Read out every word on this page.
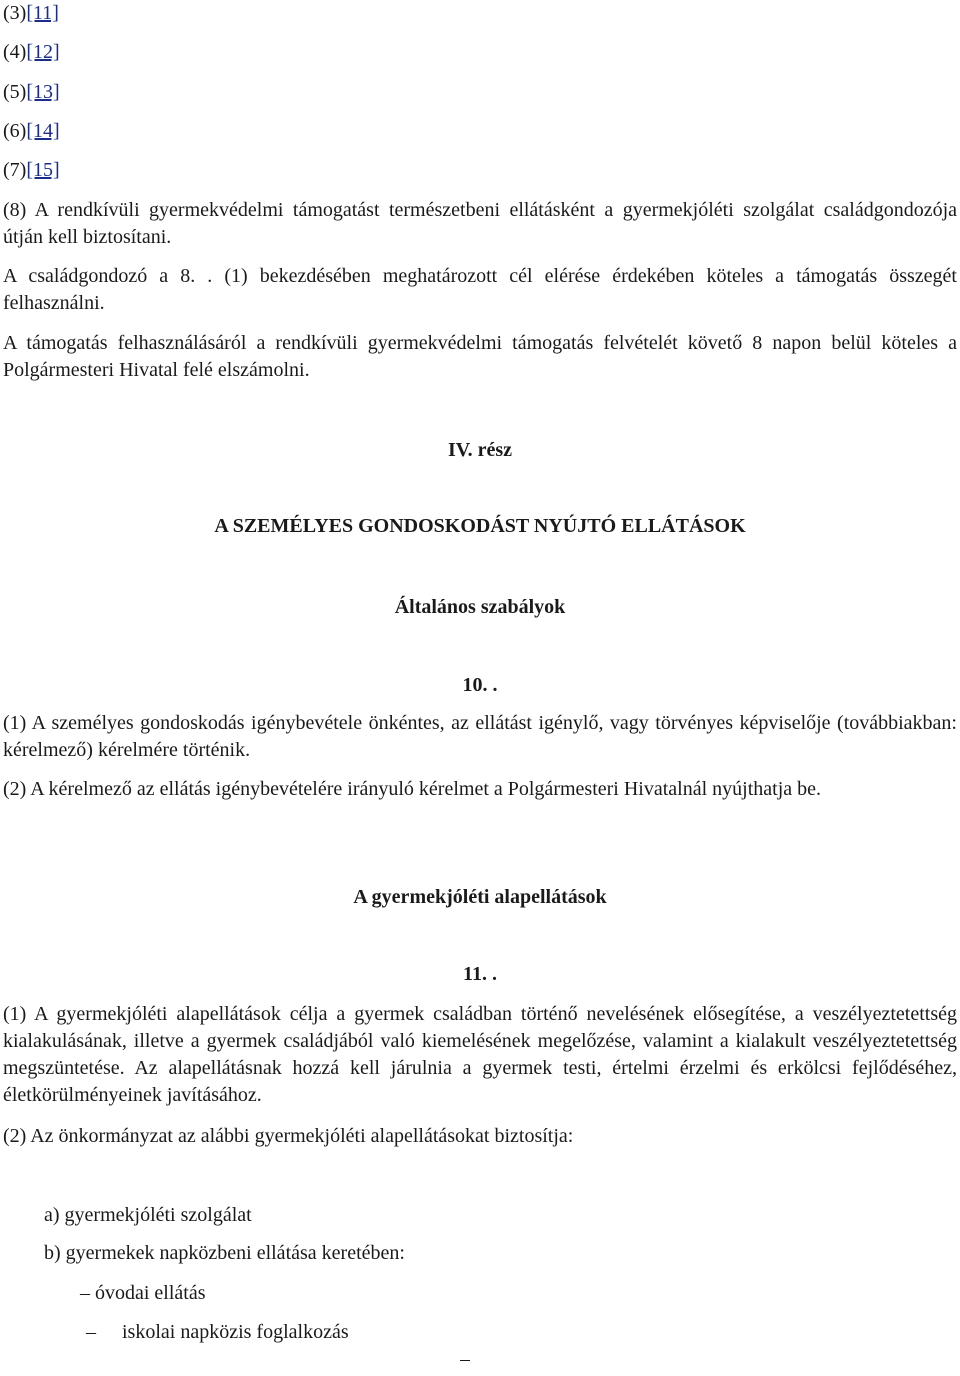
(3)[11]
(4)[12]
(5)[13]
(6)[14]
(7)[15]
(8) A rendkívüli gyermekvédelmi támogatást természetbeni ellátásként a gyermekjóléti szolgálat családgondozója útján kell biztosítani.
A családgondozó a 8. . (1) bekezdésében meghatározott cél elérése érdekében köteles a támogatás összegét felhasználni.
A támogatás felhasználásáról a rendkívüli gyermekvédelmi támogatás felvételét követő 8 napon belül köteles a Polgármesteri Hivatal felé elszámolni.
IV. rész
A SZEMÉLYES GONDOSKODÁST NYÚJTÓ ELLÁTÁSOK
Általános szabályok
10. .
(1) A személyes gondoskodás igénybevétele önkéntes, az ellátást igénylő, vagy törvényes képviselője (továbbiakban: kérelmező) kérelmére történik.
(2) A kérelmező az ellátás igénybevételére irányuló kérelmet a Polgármesteri Hivatalnál nyújthatja be.
A gyermekjóléti alapellátások
11. .
(1) A gyermekjóléti alapellátások célja a gyermek családban történő nevelésének elősegítése, a veszélyeztetettség kialakulásának, illetve a gyermek családjából való kiemelésének megelőzése, valamint a kialakult veszélyeztetettség megszüntetése. Az alapellátásnak hozzá kell járulnia a gyermek testi, értelmi érzelmi és erkölcsi fejlődéséhez, életkörülményeinek javításához.
(2) Az önkormányzat az alábbi gyermekjóléti alapellátásokat biztosítja:
a) gyermekjóléti szolgálat
b) gyermekek napközbeni ellátása keretében:
– óvodai ellátás
– iskolai napközis foglalkozás
